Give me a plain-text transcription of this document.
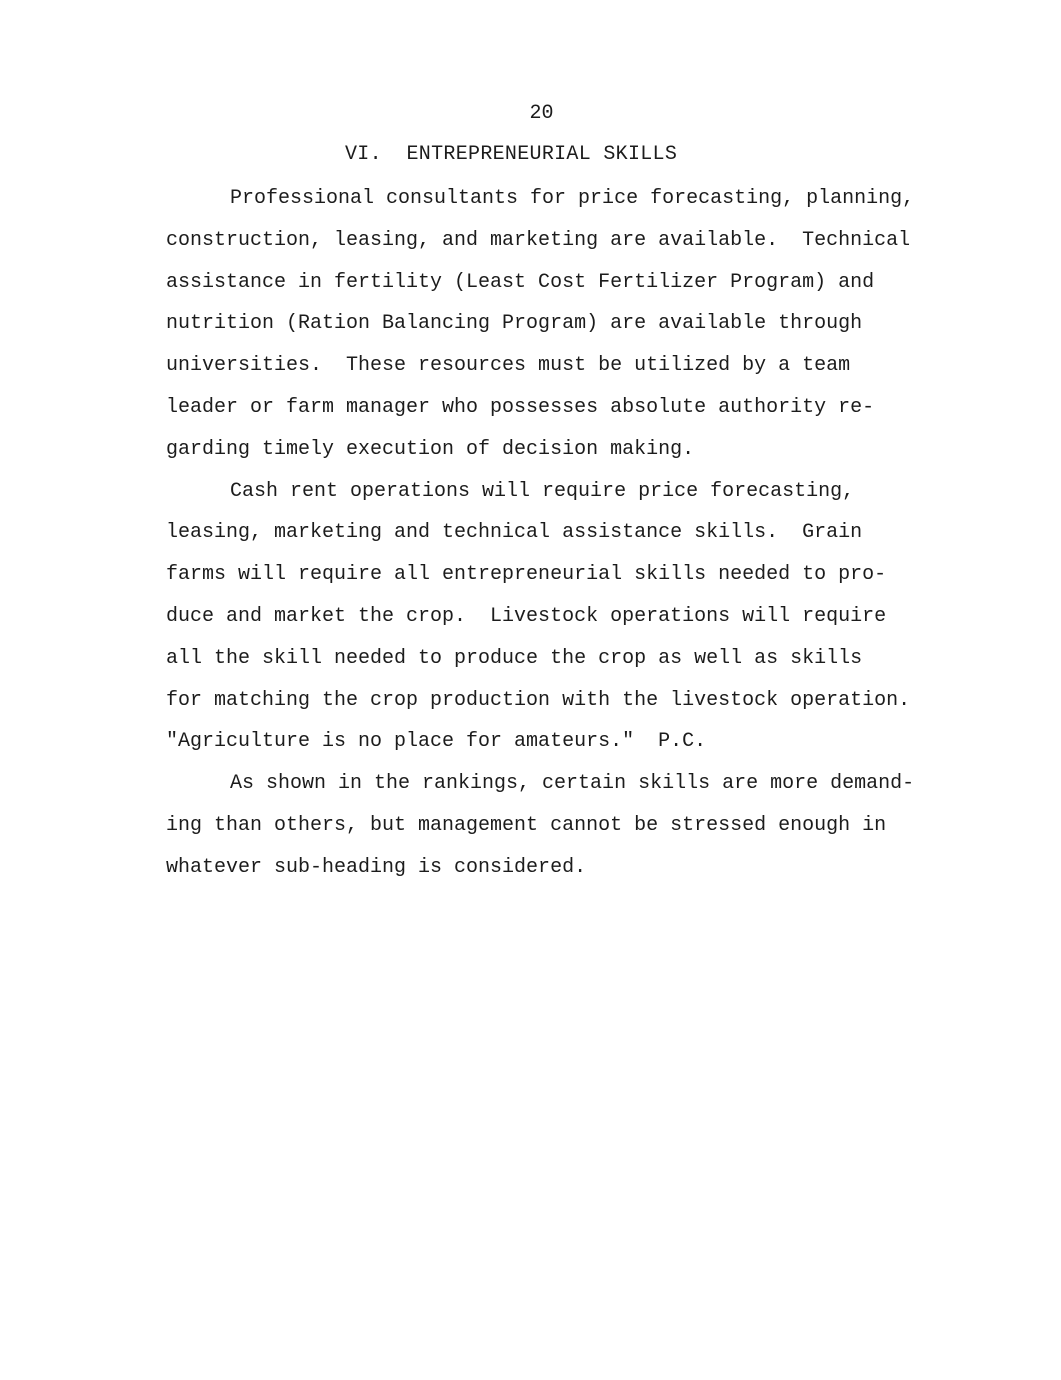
20
VI.  ENTREPRENEURIAL SKILLS
Professional consultants for price forecasting, planning,
construction, leasing, and marketing are available.  Technical
assistance in fertility (Least Cost Fertilizer Program) and
nutrition (Ration Balancing Program) are available through
universities.  These resources must be utilized by a team
leader or farm manager who possesses absolute authority re-
garding timely execution of decision making.
Cash rent operations will require price forecasting,
leasing, marketing and technical assistance skills.  Grain
farms will require all entrepreneurial skills needed to pro-
duce and market the crop.  Livestock operations will require
all the skill needed to produce the crop as well as skills
for matching the crop production with the livestock operation.
"Agriculture is no place for amateurs."  P.C.
As shown in the rankings, certain skills are more demand-
ing than others, but management cannot be stressed enough in
whatever sub-heading is considered.
